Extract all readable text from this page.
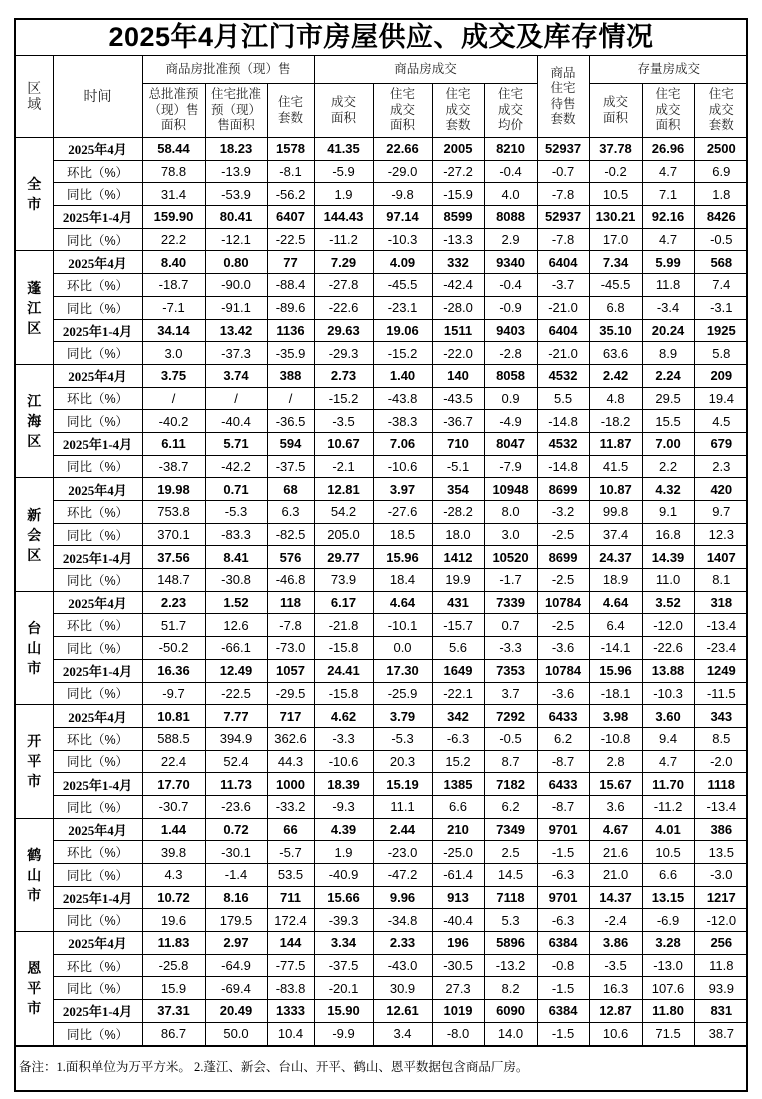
2025年4月江门市房屋供应、成交及库存情况
区域	时间	商品房批准预（现）售			商品房成交				商品住宅待售套数	存量房成交		
		总批准预（现）售面积	住宅批准预（现）售面积	住宅套数	成交面积	住宅成交面积	住宅成交套数	住宅成交均价		成交面积	住宅成交面积	住宅成交套数

全
市	2025年4月	58.44	18.23	1578	41.35	22.66	2005	8210	52937	37.78	26.96	2500
	环比（%）	78.8	-13.9	-8.1	-5.9	-29.0	-27.2	-0.4	-0.7	-0.2	4.7	6.9
	同比（%）	31.4	-53.9	-56.2	1.9	-9.8	-15.9	4.0	-7.8	10.5	7.1	1.8
	2025年1-4月	159.90	80.41	6407	144.43	97.14	8599	8088	52937	130.21	92.16	8426
	同比（%）	22.2	-12.1	-22.5	-11.2	-10.3	-13.3	2.9	-7.8	17.0	4.7	-0.5

蓬
江
区	2025年4月	8.40	0.80	77	7.29	4.09	332	9340	6404	7.34	5.99	568
	环比（%）	-18.7	-90.0	-88.4	-27.8	-45.5	-42.4	-0.4	-3.7	-45.5	11.8	7.4
	同比（%）	-7.1	-91.1	-89.6	-22.6	-23.1	-28.0	-0.9	-21.0	6.8	-3.4	-3.1
	2025年1-4月	34.14	13.42	1136	29.63	19.06	1511	9403	6404	35.10	20.24	1925
	同比（%）	3.0	-37.3	-35.9	-29.3	-15.2	-22.0	-2.8	-21.0	63.6	8.9	5.8

江
海
区	2025年4月	3.75	3.74	388	2.73	1.40	140	8058	4532	2.42	2.24	209
	环比（%）	/	/	/	-15.2	-43.8	-43.5	0.9	5.5	4.8	29.5	19.4
	同比（%）	-40.2	-40.4	-36.5	-3.5	-38.3	-36.7	-4.9	-14.8	-18.2	15.5	4.5
	2025年1-4月	6.11	5.71	594	10.67	7.06	710	8047	4532	11.87	7.00	679
	同比（%）	-38.7	-42.2	-37.5	-2.1	-10.6	-5.1	-7.9	-14.8	41.5	2.2	2.3

新
会
区	2025年4月	19.98	0.71	68	12.81	3.97	354	10948	8699	10.87	4.32	420
	环比（%）	753.8	-5.3	6.3	54.2	-27.6	-28.2	8.0	-3.2	99.8	9.1	9.7
	同比（%）	370.1	-83.3	-82.5	205.0	18.5	18.0	3.0	-2.5	37.4	16.8	12.3
	2025年1-4月	37.56	8.41	576	29.77	15.96	1412	10520	8699	24.37	14.39	1407
	同比（%）	148.7	-30.8	-46.8	73.9	18.4	19.9	-1.7	-2.5	18.9	11.0	8.1

台
山
市	2025年4月	2.23	1.52	118	6.17	4.64	431	7339	10784	4.64	3.52	318
	环比（%）	51.7	12.6	-7.8	-21.8	-10.1	-15.7	0.7	-2.5	6.4	-12.0	-13.4
	同比（%）	-50.2	-66.1	-73.0	-15.8	0.0	5.6	-3.3	-3.6	-14.1	-22.6	-23.4
	2025年1-4月	16.36	12.49	1057	24.41	17.30	1649	7353	10784	15.96	13.88	1249
	同比（%）	-9.7	-22.5	-29.5	-15.8	-25.9	-22.1	3.7	-3.6	-18.1	-10.3	-11.5

开
平
市	2025年4月	10.81	7.77	717	4.62	3.79	342	7292	6433	3.98	3.60	343
	环比（%）	588.5	394.9	362.6	-3.3	-5.3	-6.3	-0.5	6.2	-10.8	9.4	8.5
	同比（%）	22.4	52.4	44.3	-10.6	20.3	15.2	8.7	-8.7	2.8	4.7	-2.0
	2025年1-4月	17.70	11.73	1000	18.39	15.19	1385	7182	6433	15.67	11.70	1118
	同比（%）	-30.7	-23.6	-33.2	-9.3	11.1	6.6	6.2	-8.7	3.6	-11.2	-13.4

鹤
山
市	2025年4月	1.44	0.72	66	4.39	2.44	210	7349	9701	4.67	4.01	386
	环比（%）	39.8	-30.1	-5.7	1.9	-23.0	-25.0	2.5	-1.5	21.6	10.5	13.5
	同比（%）	4.3	-1.4	53.5	-40.9	-47.2	-61.4	14.5	-6.3	21.0	6.6	-3.0
	2025年1-4月	10.72	8.16	711	15.66	9.96	913	7118	9701	14.37	13.15	1217
	同比（%）	19.6	179.5	172.4	-39.3	-34.8	-40.4	5.3	-6.3	-2.4	-6.9	-12.0

恩
平
市	2025年4月	11.83	2.97	144	3.34	2.33	196	5896	6384	3.86	3.28	256
	环比（%）	-25.8	-64.9	-77.5	-37.5	-43.0	-30.5	-13.2	-0.8	-3.5	-13.0	11.8
	同比（%）	15.9	-69.4	-83.8	-20.1	30.9	27.3	8.2	-1.5	16.3	107.6	93.9
	2025年1-4月	37.31	20.49	1333	15.90	12.61	1019	6090	6384	12.87	11.80	831
	同比（%）	86.7	50.0	10.4	-9.9	3.4	-8.0	14.0	-1.5	10.6	71.5	38.7
备注：1.面积单位为万平方米。 2.蓬江、新会、台山、开平、鹤山、恩平数据包含商品厂房。
